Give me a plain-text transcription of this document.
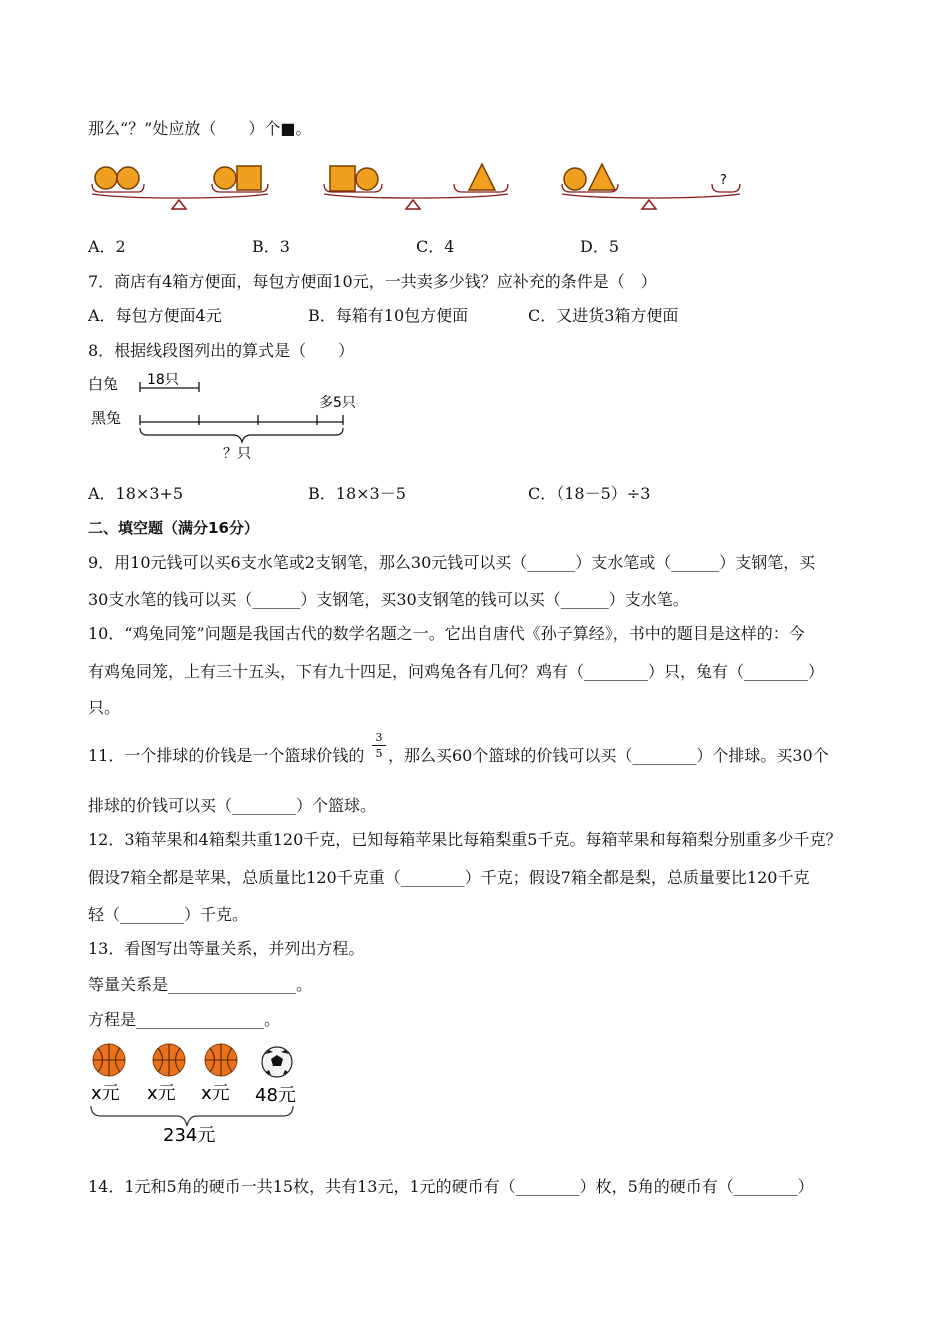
那么“？”处应放（　　）个■。
?
A．2	B．3	C．4	D．5
7．商店有4箱方便面，每包方便面10元，一共卖多少钱？应补充的条件是（　）
A．每包方便面4元	B．每箱有10包方便面	C．又进货3箱方便面
8．根据线段图列出的算式是（　　）
白兔 18只
黑兔
多5只
？只
A．18×3+5	B．18×3－5	C．（18－5）÷3
二、填空题（满分16分）
9．用10元钱可以买6支水笔或2支钢笔，那么30元钱可以买（______）支水笔或（______）支钢笔，买
30支水笔的钱可以买（______）支钢笔，买30支钢笔的钱可以买（______）支水笔。
10．“鸡兔同笼”问题是我国古代的数学名题之一。它出自唐代《孙子算经》，书中的题目是这样的：今
有鸡兔同笼，上有三十五头，下有九十四足，问鸡兔各有几何？鸡有（________）只，兔有（________）
只。
11．一个排球的价钱是一个篮球价钱的
3
5 ，那么买60个篮球的价钱可以买（________）个排球。买30个
排球的价钱可以买（________）个篮球。
12．3箱苹果和4箱梨共重120千克，已知每箱苹果比每箱梨重5千克。每箱苹果和每箱梨分别重多少千克？
假设7箱全都是苹果，总质量比120千克重（________）千克；假设7箱全都是梨，总质量要比120千克
轻（________）千克。
13．看图写出等量关系，并列出方程。
等量关系是________________。
方程是________________。
x元 x元 x元 48元
234元
14．1元和5角的硬币一共15枚，共有13元，1元的硬币有（________）枚，5角的硬币有（________）
